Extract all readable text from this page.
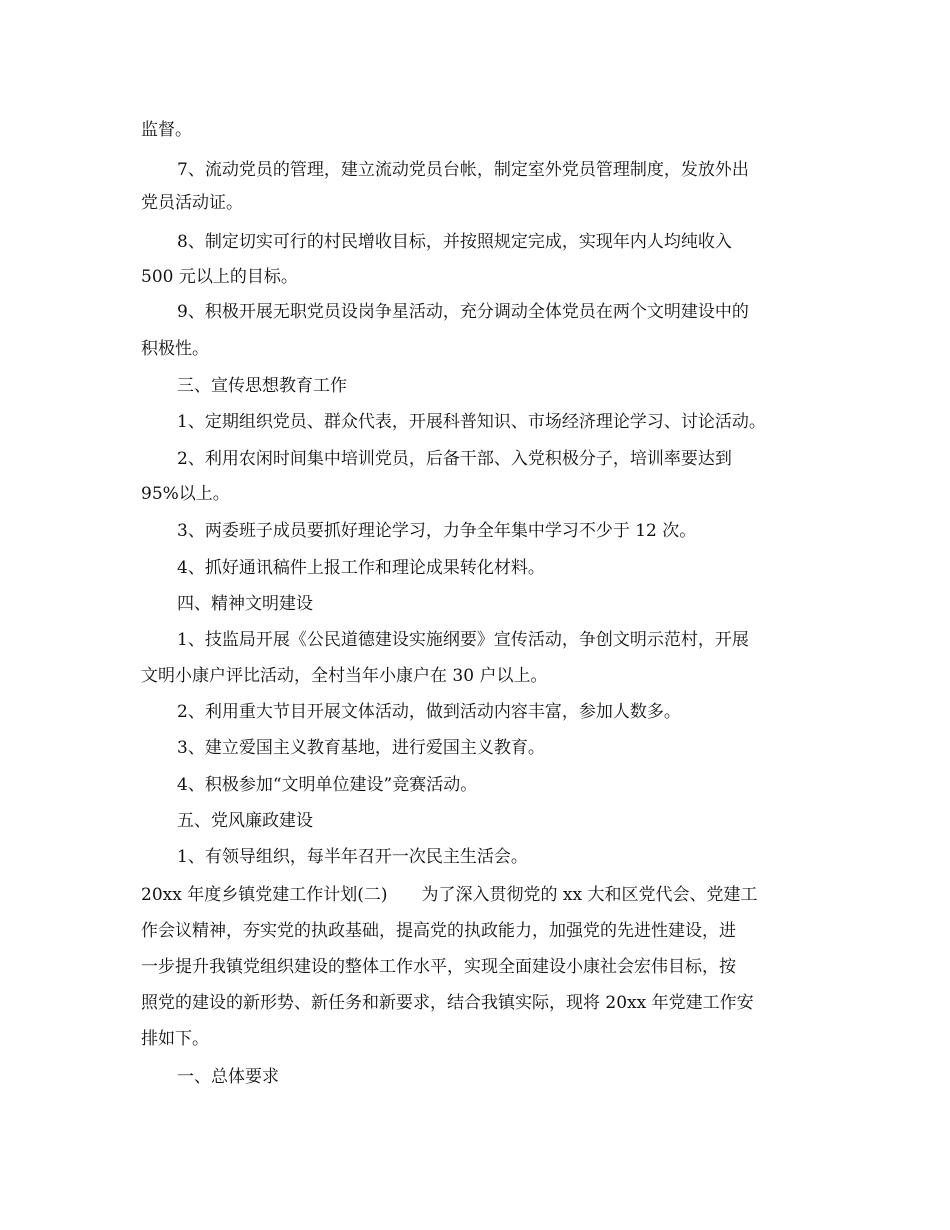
监督。
7、流动党员的管理，建立流动党员台帐，制定室外党员管理制度，发放外出
党员活动证。
8、制定切实可行的村民增收目标，并按照规定完成，实现年内人均纯收入
500 元以上的目标。
9、积极开展无职党员设岗争星活动，充分调动全体党员在两个文明建设中的
积极性。
三、宣传思想教育工作
1、定期组织党员、群众代表，开展科普知识、市场经济理论学习、讨论活动。
2、利用农闲时间集中培训党员，后备干部、入党积极分子，培训率要达到
95%以上。
3、两委班子成员要抓好理论学习，力争全年集中学习不少于 12 次。
4、抓好通讯稿件上报工作和理论成果转化材料。
四、精神文明建设
1、技监局开展《公民道德建设实施纲要》宣传活动，争创文明示范村，开展
文明小康户评比活动，全村当年小康户在 30 户以上。
2、利用重大节目开展文体活动，做到活动内容丰富，参加人数多。
3、建立爱国主义教育基地，进行爱国主义教育。
4、积极参加“文明单位建设”竞赛活动。
五、党风廉政建设
1、有领导组织，每半年召开一次民主生活会。
20xx 年度乡镇党建工作计划(二)　　为了深入贯彻党的 xx 大和区党代会、党建工
作会议精神，夯实党的执政基础，提高党的执政能力，加强党的先进性建设，进
一步提升我镇党组织建设的整体工作水平，实现全面建设小康社会宏伟目标，按
照党的建设的新形势、新任务和新要求，结合我镇实际，现将 20xx 年党建工作安
排如下。
一、总体要求
